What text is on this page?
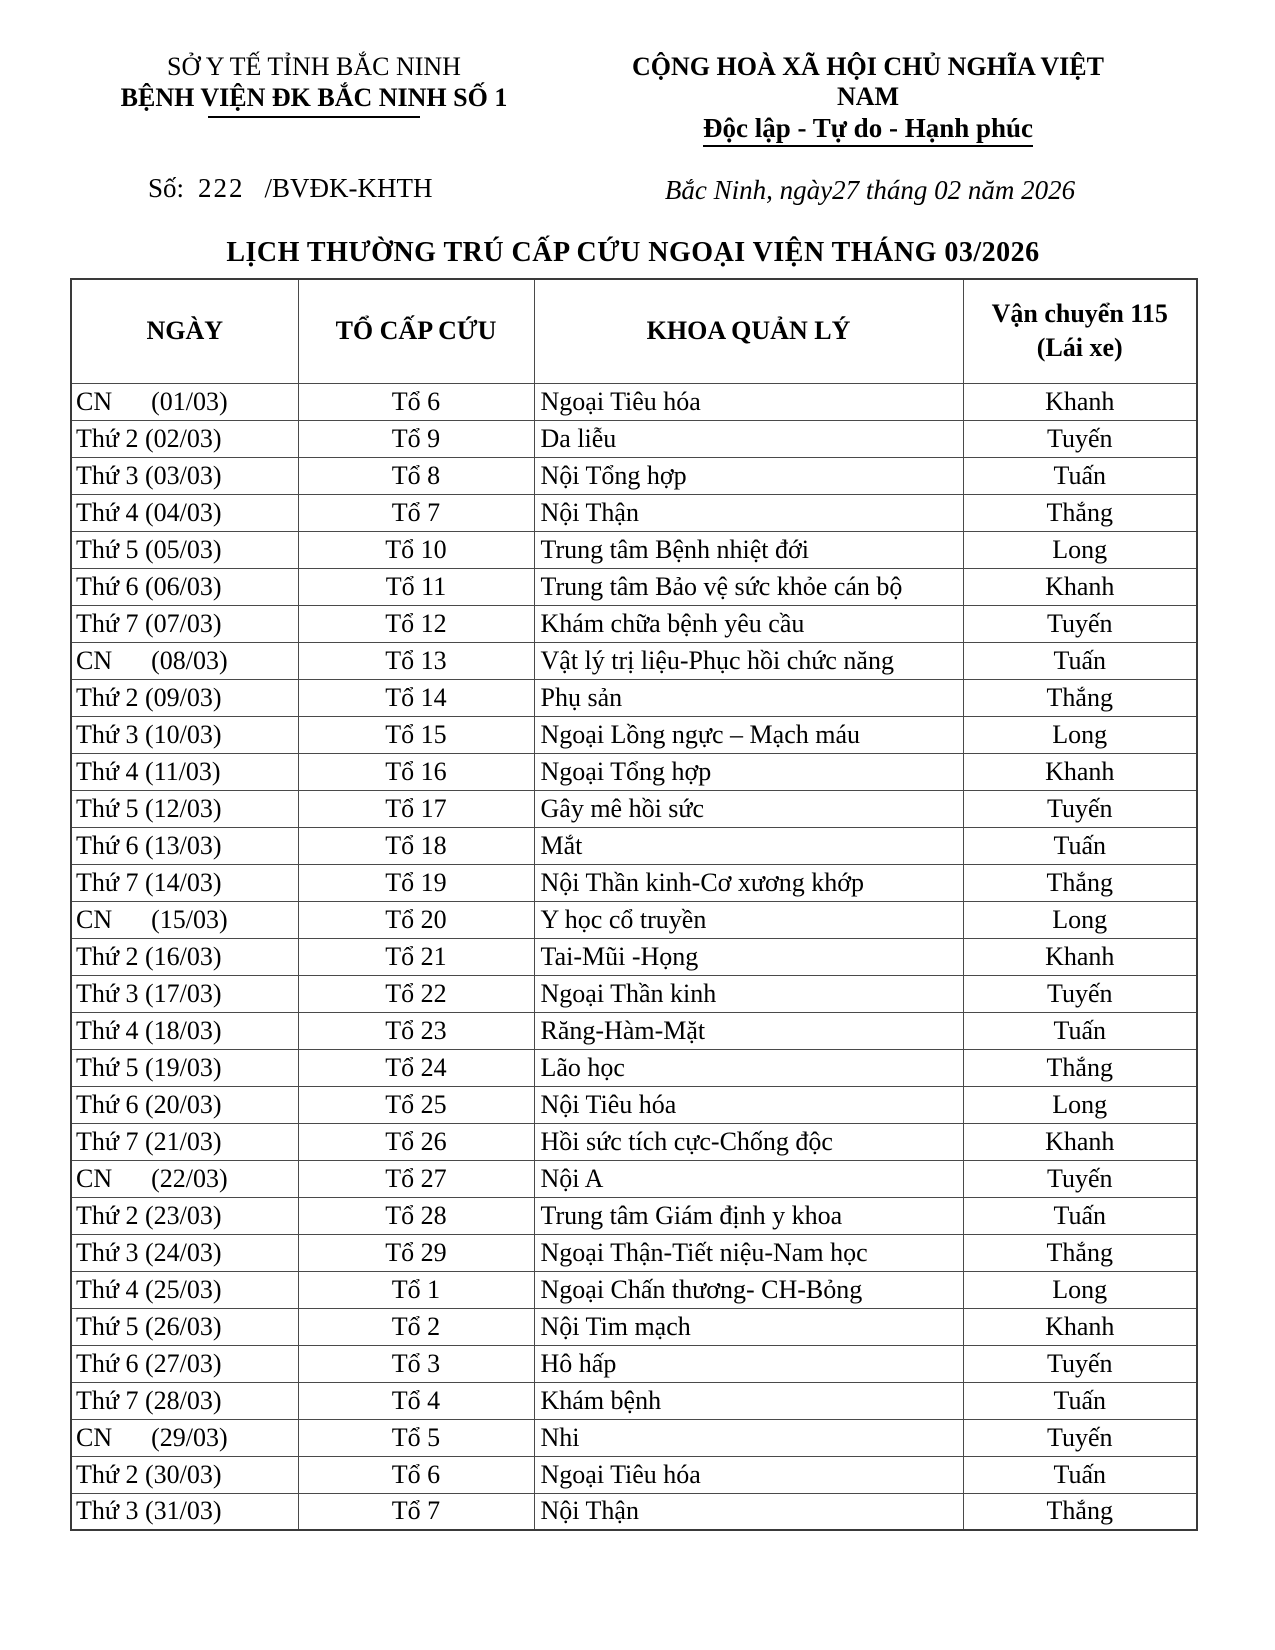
SỞ Y TẾ TỈNH BẮC NINH
BỆNH VIỆN ĐK BẮC NINH SỐ 1
CỘNG HOÀ XÃ HỘI CHỦ NGHĨA VIỆT NAM
Độc lập - Tự do - Hạnh phúc
Số: 222 /BVĐK-KHTH	Bắc Ninh, ngày27 tháng 02 năm 2026
LỊCH THƯỜNG TRÚ CẤP CỨU NGOẠI VIỆN THÁNG 03/2026
NGÀY	TỔ CẤP CỨU	KHOA QUẢN LÝ	Vận chuyển 115
(Lái xe)

CN      (01/03)	Tổ 6	Ngoại Tiêu hóa	Khanh
Thứ 2 (02/03)	Tổ 9	Da liễu	Tuyến
Thứ 3 (03/03)	Tổ 8	Nội Tổng hợp	Tuấn
Thứ 4 (04/03)	Tổ 7	Nội Thận	Thắng
Thứ 5 (05/03)	Tổ 10	Trung tâm Bệnh nhiệt đới	Long
Thứ 6 (06/03)	Tổ 11	Trung tâm Bảo vệ sức khỏe cán bộ	Khanh
Thứ 7 (07/03)	Tổ 12	Khám chữa bệnh yêu cầu	Tuyến
CN      (08/03)	Tổ 13	Vật lý trị liệu-Phục hồi chức năng	Tuấn
Thứ 2 (09/03)	Tổ 14	Phụ sản	Thắng
Thứ 3 (10/03)	Tổ 15	Ngoại Lồng ngực – Mạch máu	Long
Thứ 4 (11/03)	Tổ 16	Ngoại Tổng hợp	Khanh
Thứ 5 (12/03)	Tổ 17	Gây mê hồi sức	Tuyến
Thứ 6 (13/03)	Tổ 18	Mắt	Tuấn
Thứ 7 (14/03)	Tổ 19	Nội Thần kinh-Cơ xương khớp	Thắng
CN      (15/03)	Tổ 20	Y học cổ truyền	Long
Thứ 2 (16/03)	Tổ 21	Tai-Mũi -Họng	Khanh
Thứ 3 (17/03)	Tổ 22	Ngoại Thần kinh	Tuyến
Thứ 4 (18/03)	Tổ 23	Răng-Hàm-Mặt	Tuấn
Thứ 5 (19/03)	Tổ 24	Lão học	Thắng
Thứ 6 (20/03)	Tổ 25	Nội Tiêu hóa	Long
Thứ 7 (21/03)	Tổ 26	Hồi sức tích cực-Chống độc	Khanh
CN      (22/03)	Tổ 27	Nội A	Tuyến
Thứ 2 (23/03)	Tổ 28	Trung tâm Giám định y khoa	Tuấn
Thứ 3 (24/03)	Tổ 29	Ngoại Thận-Tiết niệu-Nam học	Thắng
Thứ 4 (25/03)	Tổ 1	Ngoại Chấn thương- CH-Bỏng	Long
Thứ 5 (26/03)	Tổ 2	Nội Tim mạch	Khanh
Thứ 6 (27/03)	Tổ 3	Hô hấp	Tuyến
Thứ 7 (28/03)	Tổ 4	Khám bệnh	Tuấn
CN      (29/03)	Tổ 5	Nhi	Tuyến
Thứ 2 (30/03)	Tổ 6	Ngoại Tiêu hóa	Tuấn
Thứ 3 (31/03)	Tổ 7	Nội Thận	Thắng
